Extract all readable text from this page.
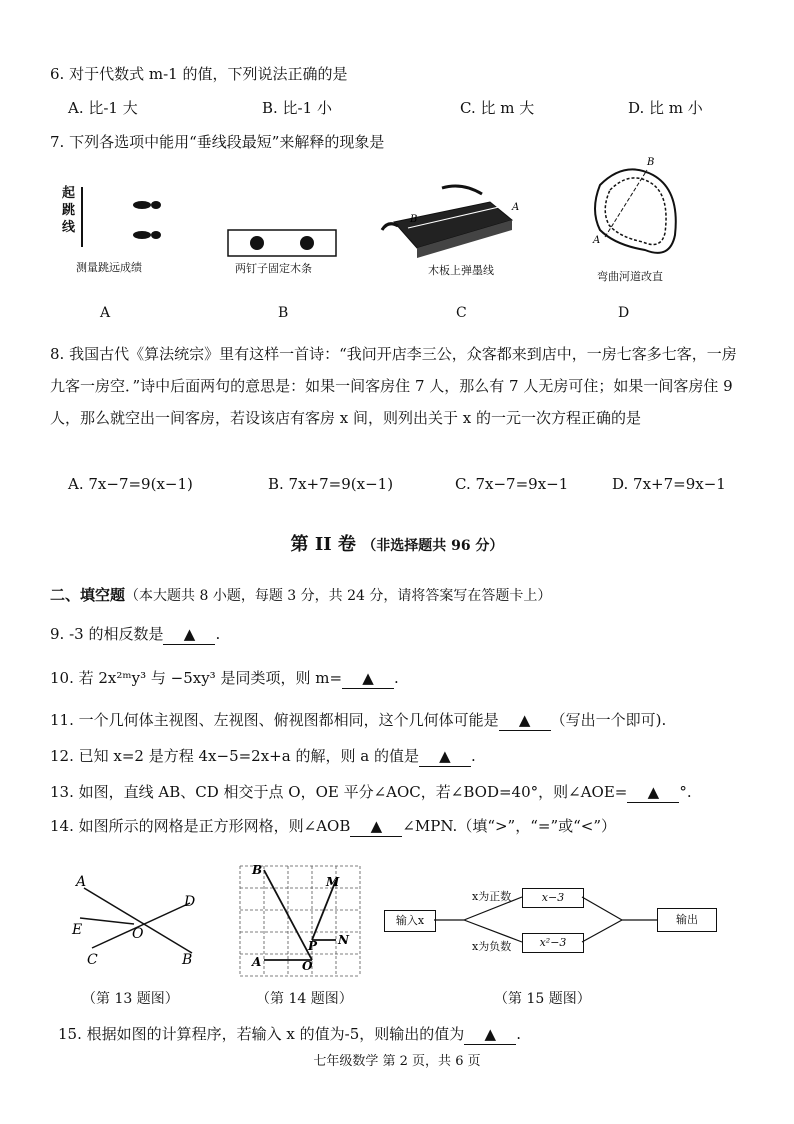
6. 对于代数式 m-1 的值，下列说法正确的是
A. 比-1 大	B. 比-1 小	C. 比 m 大	D. 比 m 小
7. 下列各选项中能用“垂线段最短”来解释的现象是
起跳线
测量跳远成绩
A
两钉子固定木条
B
B
A
木板上弹墨线
C
B
A
弯曲河道改直
D
8. 我国古代《算法统宗》里有这样一首诗：“我问开店李三公，众客都来到店中，一房七客多七客，一房九客一房空．”诗中后面两句的意思是：如果一间客房住 7 人，那么有 7 人无房可住；如果一间客房住 9 人，那么就空出一间客房，若设该店有客房 x 间，则列出关于 x 的一元一次方程正确的是
A. 7x−7=9(x−1)	B. 7x+7=9(x−1)	C. 7x−7=9x−1	D. 7x+7=9x−1
第 II 卷 （非选择题共 96 分）
二、填空题（本大题共 8 小题，每题 3 分，共 24 分，请将答案写在答题卡上）
9. -3 的相反数是 ▲ .
10. 若 2x²ᵐy³ 与 −5xy³ 是同类项，则 m= ▲ .
11. 一个几何体主视图、左视图、俯视图都相同，这个几何体可能是 ▲ （写出一个即可).
12. 已知 x=2 是方程 4x−5=2x+a 的解，则 a 的值是 ▲ .
13. 如图，直线 AB、CD 相交于点 O，OE 平分∠AOC，若∠BOD=40°，则∠AOE= ▲ °.
14. 如图所示的网格是正方形网格，则∠AOB ▲ ∠MPN.（填“>”，“=”或“<”）
A
D
E	O
C	B
（第 13 题图）
B
M
P N
A	O
（第 14 题图）
输入x
x为正数
x为负数
x−3
x²−3
输出
（第 15 题图）
15. 根据如图的计算程序，若输入 x 的值为-5，则输出的值为 ▲ .
七年级数学 第 2 页，共 6 页
